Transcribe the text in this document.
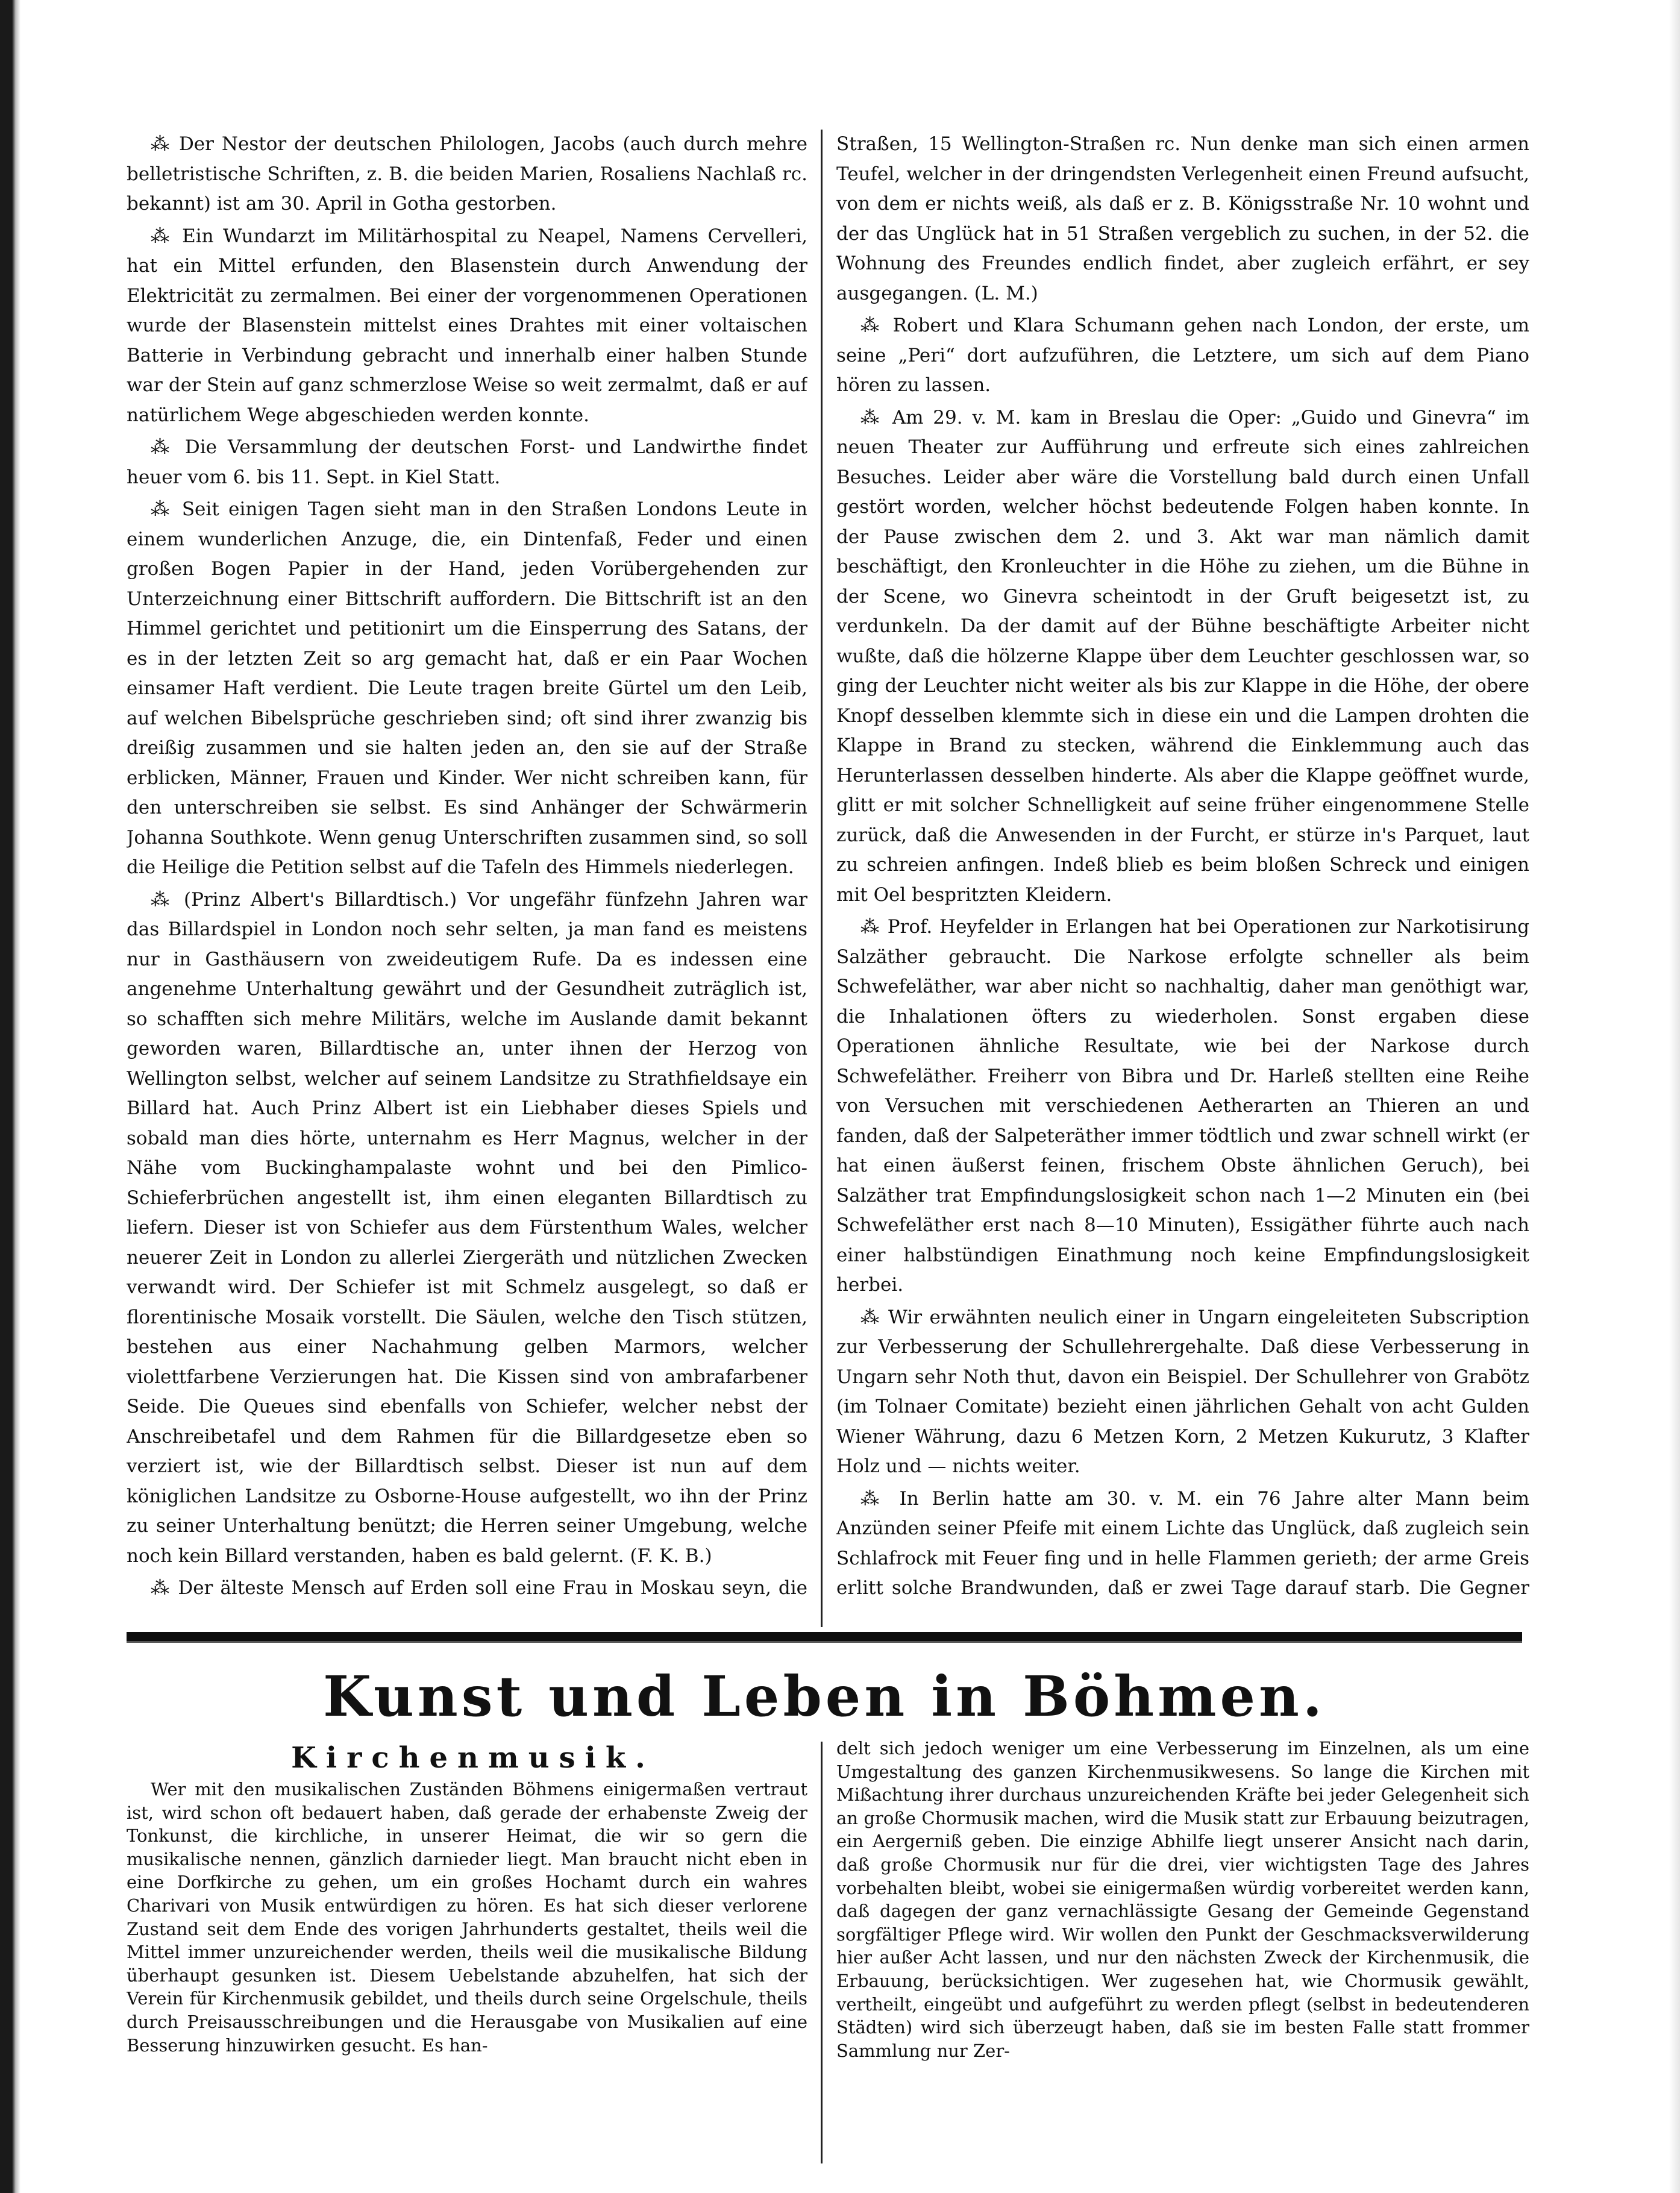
⁂ Der Nestor der deutschen Philologen, Jacobs (auch durch mehre belletristische Schriften, z. B. die beiden Marien, Rosaliens Nachlaß rc. bekannt) ist am 30. April in Gotha gestorben.

⁂ Ein Wundarzt im Militärhospital zu Neapel, Namens Cervelleri, hat ein Mittel erfunden, den Blasenstein durch Anwendung der Elektricität zu zermalmen. Bei einer der vorgenommenen Operationen wurde der Blasenstein mittelst eines Drahtes mit einer voltaischen Batterie in Verbindung gebracht und innerhalb einer halben Stunde war der Stein auf ganz schmerzlose Weise so weit zermalmt, daß er auf natürlichem Wege abgeschieden werden konnte.

⁂ Die Versammlung der deutschen Forst- und Landwirthe findet heuer vom 6. bis 11. Sept. in Kiel Statt.

⁂ Seit einigen Tagen sieht man in den Straßen Londons Leute in einem wunderlichen Anzuge, die, ein Dintenfaß, Feder und einen großen Bogen Papier in der Hand, jeden Vorübergehenden zur Unterzeichnung einer Bittschrift auffordern. Die Bittschrift ist an den Himmel gerichtet und petitionirt um die Einsperrung des Satans, der es in der letzten Zeit so arg gemacht hat, daß er ein Paar Wochen einsamer Haft verdient. Die Leute tragen breite Gürtel um den Leib, auf welchen Bibelsprüche geschrieben sind; oft sind ihrer zwanzig bis dreißig zusammen und sie halten jeden an, den sie auf der Straße erblicken, Männer, Frauen und Kinder. Wer nicht schreiben kann, für den unterschreiben sie selbst. Es sind Anhänger der Schwärmerin Johanna Southkote. Wenn genug Unterschriften zusammen sind, so soll die Heilige die Petition selbst auf die Tafeln des Himmels niederlegen.

⁂ (Prinz Albert's Billardtisch.) Vor ungefähr fünfzehn Jahren war das Billardspiel in London noch sehr selten, ja man fand es meistens nur in Gasthäusern von zweideutigem Rufe. Da es indessen eine angenehme Unterhaltung gewährt und der Gesundheit zuträglich ist, so schafften sich mehre Militärs, welche im Auslande damit bekannt geworden waren, Billardtische an, unter ihnen der Herzog von Wellington selbst, welcher auf seinem Landsitze zu Strathfieldsaye ein Billard hat. Auch Prinz Albert ist ein Liebhaber dieses Spiels und sobald man dies hörte, unternahm es Herr Magnus, welcher in der Nähe vom Buckinghampalaste wohnt und bei den Pimlico-Schieferbrüchen angestellt ist, ihm einen eleganten Billardtisch zu liefern. Dieser ist von Schiefer aus dem Fürstenthum Wales, welcher neuerer Zeit in London zu allerlei Ziergeräth und nützlichen Zwecken verwandt wird. Der Schiefer ist mit Schmelz ausgelegt, so daß er florentinische Mosaik vorstellt. Die Säulen, welche den Tisch stützen, bestehen aus einer Nachahmung gelben Marmors, welcher violettfarbene Verzierungen hat. Die Kissen sind von ambrafarbener Seide. Die Queues sind ebenfalls von Schiefer, welcher nebst der Anschreibetafel und dem Rahmen für die Billardgesetze eben so verziert ist, wie der Billardtisch selbst. Dieser ist nun auf dem königlichen Landsitze zu Osborne-House aufgestellt, wo ihn der Prinz zu seiner Unterhaltung benützt; die Herren seiner Umgebung, welche noch kein Billard verstanden, haben es bald gelernt. (F. K. B.)

⁂ Der älteste Mensch auf Erden soll eine Frau in Moskau seyn, die

Straßen, 15 Wellington-Straßen rc. Nun denke man sich einen armen Teufel, welcher in der dringendsten Verlegenheit einen Freund aufsucht, von dem er nichts weiß, als daß er z. B. Königsstraße Nr. 10 wohnt und der das Unglück hat in 51 Straßen vergeblich zu suchen, in der 52. die Wohnung des Freundes endlich findet, aber zugleich erfährt, er sey ausgegangen. (L. M.)

⁂ Robert und Klara Schumann gehen nach London, der erste, um seine „Peri“ dort aufzuführen, die Letztere, um sich auf dem Piano hören zu lassen.

⁂ Am 29. v. M. kam in Breslau die Oper: „Guido und Ginevra“ im neuen Theater zur Aufführung und erfreute sich eines zahlreichen Besuches. Leider aber wäre die Vorstellung bald durch einen Unfall gestört worden, welcher höchst bedeutende Folgen haben konnte. In der Pause zwischen dem 2. und 3. Akt war man nämlich damit beschäftigt, den Kronleuchter in die Höhe zu ziehen, um die Bühne in der Scene, wo Ginevra scheintodt in der Gruft beigesetzt ist, zu verdunkeln. Da der damit auf der Bühne beschäftigte Arbeiter nicht wußte, daß die hölzerne Klappe über dem Leuchter geschlossen war, so ging der Leuchter nicht weiter als bis zur Klappe in die Höhe, der obere Knopf desselben klemmte sich in diese ein und die Lampen drohten die Klappe in Brand zu stecken, während die Einklemmung auch das Herunterlassen desselben hinderte. Als aber die Klappe geöffnet wurde, glitt er mit solcher Schnelligkeit auf seine früher eingenommene Stelle zurück, daß die Anwesenden in der Furcht, er stürze in's Parquet, laut zu schreien anfingen. Indeß blieb es beim bloßen Schreck und einigen mit Oel bespritzten Kleidern.

⁂ Prof. Heyfelder in Erlangen hat bei Operationen zur Narkotisirung Salzäther gebraucht. Die Narkose erfolgte schneller als beim Schwefeläther, war aber nicht so nachhaltig, daher man genöthigt war, die Inhalationen öfters zu wiederholen. Sonst ergaben diese Operationen ähnliche Resultate, wie bei der Narkose durch Schwefeläther. Freiherr von Bibra und Dr. Harleß stellten eine Reihe von Versuchen mit verschiedenen Aetherarten an Thieren an und fanden, daß der Salpeteräther immer tödtlich und zwar schnell wirkt (er hat einen äußerst feinen, frischem Obste ähnlichen Geruch), bei Salzäther trat Empfindungslosigkeit schon nach 1—2 Minuten ein (bei Schwefeläther erst nach 8—10 Minuten), Essigäther führte auch nach einer halbstündigen Einathmung noch keine Empfindungslosigkeit herbei.

⁂ Wir erwähnten neulich einer in Ungarn eingeleiteten Subscription zur Verbesserung der Schullehrergehalte. Daß diese Verbesserung in Ungarn sehr Noth thut, davon ein Beispiel. Der Schullehrer von Grabötz (im Tolnaer Comitate) bezieht einen jährlichen Gehalt von acht Gulden Wiener Währung, dazu 6 Metzen Korn, 2 Metzen Kukurutz, 3 Klafter Holz und — nichts weiter.

⁂ In Berlin hatte am 30. v. M. ein 76 Jahre alter Mann beim Anzünden seiner Pfeife mit einem Lichte das Unglück, daß zugleich sein Schlafrock mit Feuer fing und in helle Flammen gerieth; der arme Greis erlitt solche Brandwunden, daß er zwei Tage darauf starb. Die Gegner

Kunst und Leben in Böhmen.
Kirchenmusik.

Wer mit den musikalischen Zuständen Böhmens einigermaßen vertraut ist, wird schon oft bedauert haben, daß gerade der erhabenste Zweig der Tonkunst, die kirchliche, in unserer Heimat, die wir so gern die musikalische nennen, gänzlich darnieder liegt. Man braucht nicht eben in eine Dorfkirche zu gehen, um ein großes Hochamt durch ein wahres Charivari von Musik entwürdigen zu hören. Es hat sich dieser verlorene Zustand seit dem Ende des vorigen Jahrhunderts gestaltet, theils weil die Mittel immer unzureichender werden, theils weil die musikalische Bildung überhaupt gesunken ist. Diesem Uebelstande abzuhelfen, hat sich der Verein für Kirchenmusik gebildet, und theils durch seine Orgelschule, theils durch Preisausschreibungen und die Herausgabe von Musikalien auf eine Besserung hinzuwirken gesucht. Es han-

delt sich jedoch weniger um eine Verbesserung im Einzelnen, als um eine Umgestaltung des ganzen Kirchenmusikwesens. So lange die Kirchen mit Mißachtung ihrer durchaus unzureichenden Kräfte bei jeder Gelegenheit sich an große Chormusik machen, wird die Musik statt zur Erbauung beizutragen, ein Aergerniß geben. Die einzige Abhilfe liegt unserer Ansicht nach darin, daß große Chormusik nur für die drei, vier wichtigsten Tage des Jahres vorbehalten bleibt, wobei sie einigermaßen würdig vorbereitet werden kann, daß dagegen der ganz vernachlässigte Gesang der Gemeinde Gegenstand sorgfältiger Pflege wird. Wir wollen den Punkt der Geschmacksverwilderung hier außer Acht lassen, und nur den nächsten Zweck der Kirchenmusik, die Erbauung, berücksichtigen. Wer zugesehen hat, wie Chormusik gewählt, vertheilt, eingeübt und aufgeführt zu werden pflegt (selbst in bedeutenderen Städten) wird sich überzeugt haben, daß sie im besten Falle statt frommer Sammlung nur Zer-
